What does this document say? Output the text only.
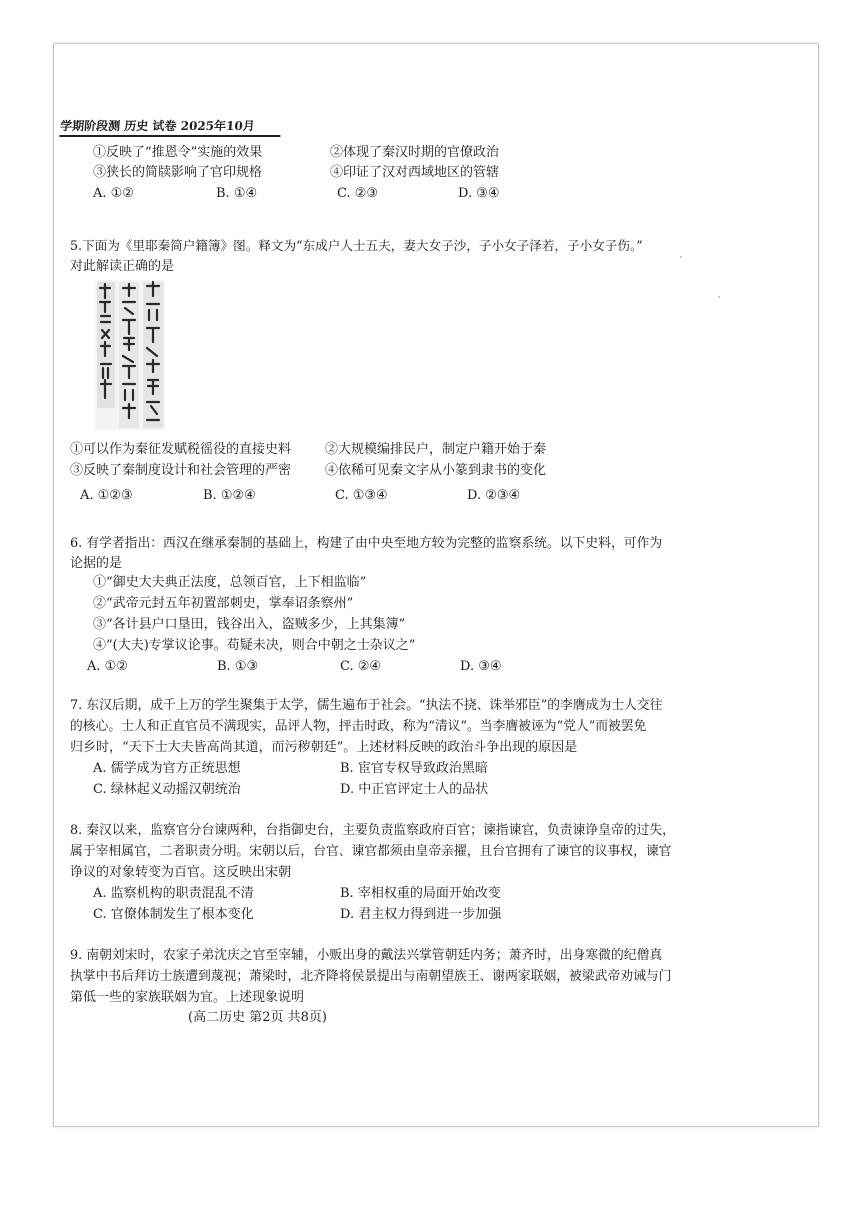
学期阶段测 历史 试卷 2025年10月
①反映了“推恩令”实施的效果	②体现了秦汉时期的官僚政治
③狭长的简牍影响了官印规格	④印证了汉对西域地区的管辖
A. ①②	B. ①④	C. ②③	D. ③④
5.下面为《里耶秦简户籍簿》图。释文为“东成户人士五夫，妻大女子沙，子小女子泽若，子小女子伤。”
对此解读正确的是
①可以作为秦征发赋税徭役的直接史料	②大规模编排民户，制定户籍开始于秦
③反映了秦制度设计和社会管理的严密	④依稀可见秦文字从小篆到隶书的变化
A. ①②③	B. ①②④	C. ①③④	D. ②③④
6. 有学者指出：西汉在继承秦制的基础上，构建了由中央至地方较为完整的监察系统。以下史料，可作为
论据的是
①“御史大夫典正法度，总领百官，上下相监临”
②“武帝元封五年初置部刺史，掌奉诏条察州”
③“各计县户口垦田，钱谷出入，盗贼多少，上其集簿”
④“(大夫)专掌议论事。苟疑未决，则合中朝之士杂议之”
A. ①②	B. ①③	C. ②④	D. ③④
7. 东汉后期，成千上万的学生聚集于太学，儒生遍布于社会。“执法不挠、诛举邪臣”的李膺成为士人交往
的核心。士人和正直官员不满现实，品评人物，抨击时政，称为“清议”。当李膺被诬为“党人”而被罢免
归乡时，“天下士大夫皆高尚其道，而污秽朝廷”。上述材料反映的政治斗争出现的原因是
A. 儒学成为官方正统思想	B. 宦官专权导致政治黑暗
C. 绿林起义动摇汉朝统治	D. 中正官评定士人的品状
8. 秦汉以来，监察官分台谏两种，台指御史台，主要负责监察政府百官；谏指谏官，负责谏诤皇帝的过失，
属于宰相属官，二者职责分明。宋朝以后，台官、谏官都须由皇帝亲擢，且台官拥有了谏官的议事权，谏官
诤议的对象转变为百官。这反映出宋朝
A. 监察机构的职责混乱不清	B. 宰相权重的局面开始改变
C. 官僚体制发生了根本变化	D. 君主权力得到进一步加强
9. 南朝刘宋时，农家子弟沈庆之官至宰辅，小贩出身的戴法兴掌管朝廷内务；萧齐时，出身寒微的纪僧真
执掌中书后拜访士族遭到蔑视；萧梁时，北齐降将侯景提出与南朝望族王、谢两家联姻，被梁武帝劝诫与门
第低一些的家族联姻为宜。上述现象说明
(高二历史 第2页 共8页)
